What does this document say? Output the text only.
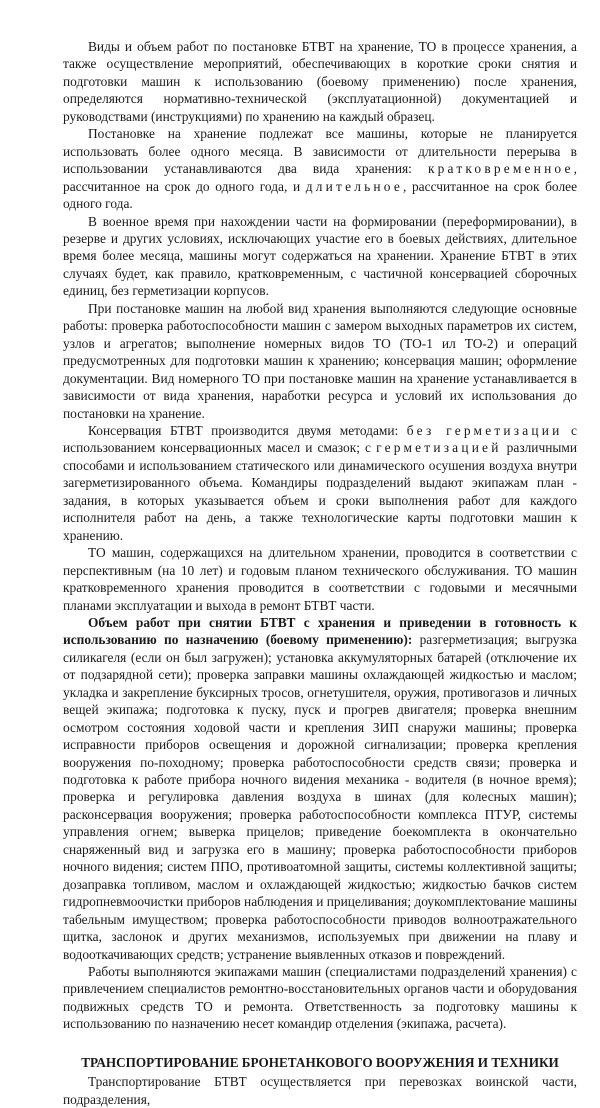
Виды и объем работ по постановке БТВТ на хранение, ТО в процессе хранения, а также осуществление мероприятий, обеспечивающих в короткие сроки снятия и подготовки машин к использованию (боевому применению) после хранения, определяются нормативно-технической (эксплуатационной) документацией и руководствами (инструкциями) по хранению на каждый образец.

Постановке на хранение подлежат все машины, которые не планируется использовать более одного месяца. В зависимости от длительности перерыва в использовании устанавливаются два вида хранения: кратковременное, рассчитанное на срок до одного года, и длительное, рассчитанное на срок более одного года.

В военное время при нахождении части на формировании (переформировании), в резерве и других условиях, исключающих участие его в боевых действиях, длительное время более месяца, машины могут содержаться на хранении. Хранение БТВТ в этих случаях будет, как правило, кратковременным, с частичной консервацией сборочных единиц, без герметизации корпусов.

При постановке машин на любой вид хранения выполняются следующие основные работы: проверка работоспособности машин с замером выходных параметров их систем, узлов и агрегатов; выполнение номерных видов ТО (ТО-1 ил ТО-2) и операций предусмотренных для подготовки машин к хранению; консервация машин; оформление документации. Вид номерного ТО при постановке машин на хранение устанавливается в зависимости от вида хранения, наработки ресурса и условий их использования до постановки на хранение.

Консервация БТВТ производится двумя методами: без герметизации с использованием консервационных масел и смазок; с герметизацией различными способами и использованием статического или динамического осушения воздуха внутри загерметизированного объема. Командиры подразделений выдают экипажам план - задания, в которых указывается объем и сроки выполнения работ для каждого исполнителя работ на день, а также технологические карты подготовки машин к хранению.

ТО машин, содержащихся на длительном хранении, проводится в соответствии с перспективным (на 10 лет) и годовым планом технического обслуживания. ТО машин кратковременного хранения проводится в соответствии с годовыми и месячными планами эксплуатации и выхода в ремонт БТВТ части.

Объем работ при снятии БТВТ с хранения и приведении в готовность к использованию по назначению (боевому применению): разгерметизация; выгрузка силикагеля (если он был загружен); установка аккумуляторных батарей (отключение их от подзарядной сети); проверка заправки машины охлаждающей жидкостью и маслом; укладка и закрепление буксирных тросов, огнетушителя, оружия, противогазов и личных вещей экипажа; подготовка к пуску, пуск и прогрев двигателя; проверка внешним осмотром состояния ходовой части и крепления ЗИП снаружи машины; проверка исправности приборов освещения и дорожной сигнализации; проверка крепления вооружения по-походному; проверка работоспособности средств связи; проверка и подготовка к работе прибора ночного видения механика - водителя (в ночное время); проверка и регулировка давления воздуха в шинах (для колесных машин); расконсервация вооружения; проверка работоспособности комплекса ПТУР, системы управления огнем; выверка прицелов; приведение боекомплекта в окончательно снаряженный вид и загрузка его в машину; проверка работоспособности приборов ночного видения; систем ППО, противоатомной защиты, системы коллективной защиты; дозаправка топливом, маслом и охлаждающей жидкостью; жидкостью бачков систем гидропневмоочистки приборов наблюдения и прицеливания; доукомплектование машины табельным имуществом; проверка работоспособности приводов волноотражательного щитка, заслонок и других механизмов, используемых при движении на плаву и водооткачивающих средств; устранение выявленных отказов и повреждений.

Работы выполняются экипажами машин (специалистами подразделений хранения) с привлечением специалистов ремонтно-восстановительных органов части и оборудования подвижных средств ТО и ремонта. Ответственность за подготовку машины к использованию по назначению несет командир отделения (экипажа, расчета).

ТРАНСПОРТИРОВАНИЕ БРОНЕТАНКОВОГО ВООРУЖЕНИЯ И ТЕХНИКИ

Транспортирование БТВТ осуществляется при перевозках воинской части, подразделения,
